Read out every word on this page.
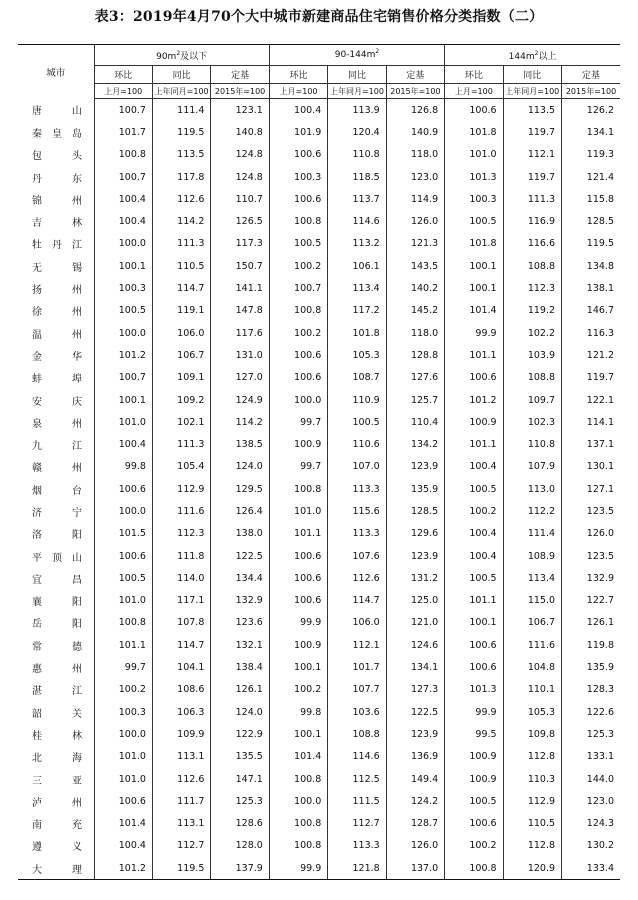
表3：2019年4月70个大中城市新建商品住宅销售价格分类指数（二）
城市	$90m^2$及以下			$90-144m^2$			$144m^2$以上		
	环比	同比	定基	环比	同比	定基	环比	同比	定基
	上月=100	上年同月=100	2015年=100	上月=100	上年同月=100	2015年=100	上月=100	上年同月=100	2015年=100

唐 山	100.7	111.4	123.1	100.4	113.9	126.8	100.6	113.5	126.2

秦 皇 岛	101.7	119.5	140.8	101.9	120.4	140.9	101.8	119.7	134.1

包 头	100.8	113.5	124.8	100.6	110.8	118.0	101.0	112.1	119.3

丹 东	100.7	117.8	124.8	100.3	118.5	123.0	101.3	119.7	121.4

锦 州	100.4	112.6	110.7	100.6	113.7	114.9	100.3	111.3	115.8

吉 林	100.4	114.2	126.5	100.8	114.6	126.0	100.5	116.9	128.5

牡 丹 江	100.0	111.3	117.3	100.5	113.2	121.3	101.8	116.6	119.5

无 锡	100.1	110.5	150.7	100.2	106.1	143.5	100.1	108.8	134.8

扬 州	100.3	114.7	141.1	100.7	113.4	140.2	100.1	112.3	138.1

徐 州	100.5	119.1	147.8	100.8	117.2	145.2	101.4	119.2	146.7

温 州	100.0	106.0	117.6	100.2	101.8	118.0	99.9	102.2	116.3

金 华	101.2	106.7	131.0	100.6	105.3	128.8	101.1	103.9	121.2

蚌 埠	100.7	109.1	127.0	100.6	108.7	127.6	100.6	108.8	119.7

安 庆	100.1	109.2	124.9	100.0	110.9	125.7	101.2	109.7	122.1

泉 州	101.0	102.1	114.2	99.7	100.5	110.4	100.9	102.3	114.1

九 江	100.4	111.3	138.5	100.9	110.6	134.2	101.1	110.8	137.1

赣 州	99.8	105.4	124.0	99.7	107.0	123.9	100.4	107.9	130.1

烟 台	100.6	112.9	129.5	100.8	113.3	135.9	100.5	113.0	127.1

济 宁	100.0	111.6	126.4	101.0	115.6	128.5	100.2	112.2	123.5

洛 阳	101.5	112.3	138.0	101.1	113.3	129.6	100.4	111.4	126.0

平 顶 山	100.6	111.8	122.5	100.6	107.6	123.9	100.4	108.9	123.5

宜 昌	100.5	114.0	134.4	100.6	112.6	131.2	100.5	113.4	132.9

襄 阳	101.0	117.1	132.9	100.6	114.7	125.0	101.1	115.0	122.7

岳 阳	100.8	107.8	123.6	99.9	106.0	121.0	100.1	106.7	126.1

常 德	101.1	114.7	132.1	100.9	112.1	124.6	100.6	111.6	119.8

惠 州	99.7	104.1	138.4	100.1	101.7	134.1	100.6	104.8	135.9

湛 江	100.2	108.6	126.1	100.2	107.7	127.3	101.3	110.1	128.3

韶 关	100.3	106.3	124.0	99.8	103.6	122.5	99.9	105.3	122.6

桂 林	100.0	109.9	122.9	100.1	108.8	123.9	99.5	109.8	125.3

北 海	101.0	113.1	135.5	101.4	114.6	136.9	100.9	112.8	133.1

三 亚	101.0	112.6	147.1	100.8	112.5	149.4	100.9	110.3	144.0

泸 州	100.6	111.7	125.3	100.0	111.5	124.2	100.5	112.9	123.0

南 充	101.4	113.1	128.6	100.8	112.7	128.7	100.6	110.5	124.3

遵 义	100.4	112.7	128.0	100.8	113.3	126.0	100.2	112.8	130.2

大 理	101.2	119.5	137.9	99.9	121.8	137.0	100.8	120.9	133.4
